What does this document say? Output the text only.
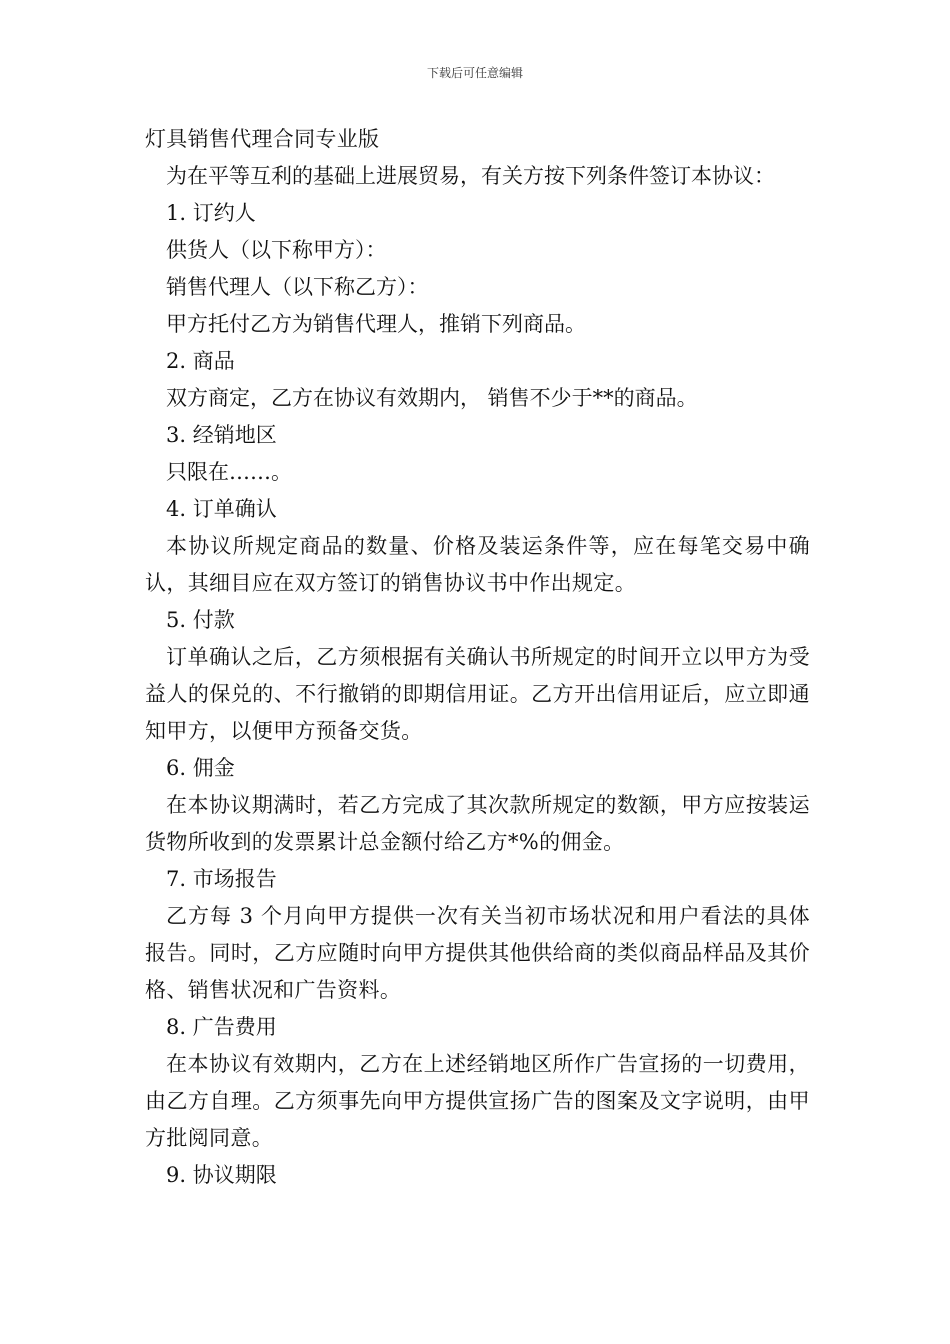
下载后可任意编辑
灯具销售代理合同专业版
为在平等互利的基础上进展贸易，有关方按下列条件签订本协议：
1. 订约人
供货人（以下称甲方）：
销售代理人（以下称乙方）：
甲方托付乙方为销售代理人，推销下列商品。
2. 商品
双方商定，乙方在协议有效期内， 销售不少于**的商品。
3. 经销地区
只限在……。
4. 订单确认
本协议所规定商品的数量、价格及装运条件等，应在每笔交易中确认，其细目应在双方签订的销售协议书中作出规定。
5. 付款
订单确认之后，乙方须根据有关确认书所规定的时间开立以甲方为受益人的保兑的、不行撤销的即期信用证。乙方开出信用证后，应立即通知甲方，以便甲方预备交货。
6. 佣金
在本协议期满时，若乙方完成了其次款所规定的数额，甲方应按装运货物所收到的发票累计总金额付给乙方*%的佣金。
7. 市场报告
乙方每 3 个月向甲方提供一次有关当初市场状况和用户看法的具体报告。同时，乙方应随时向甲方提供其他供给商的类似商品样品及其价格、销售状况和广告资料。
8. 广告费用
在本协议有效期内，乙方在上述经销地区所作广告宣扬的一切费用，由乙方自理。乙方须事先向甲方提供宣扬广告的图案及文字说明，由甲方批阅同意。
9. 协议期限
